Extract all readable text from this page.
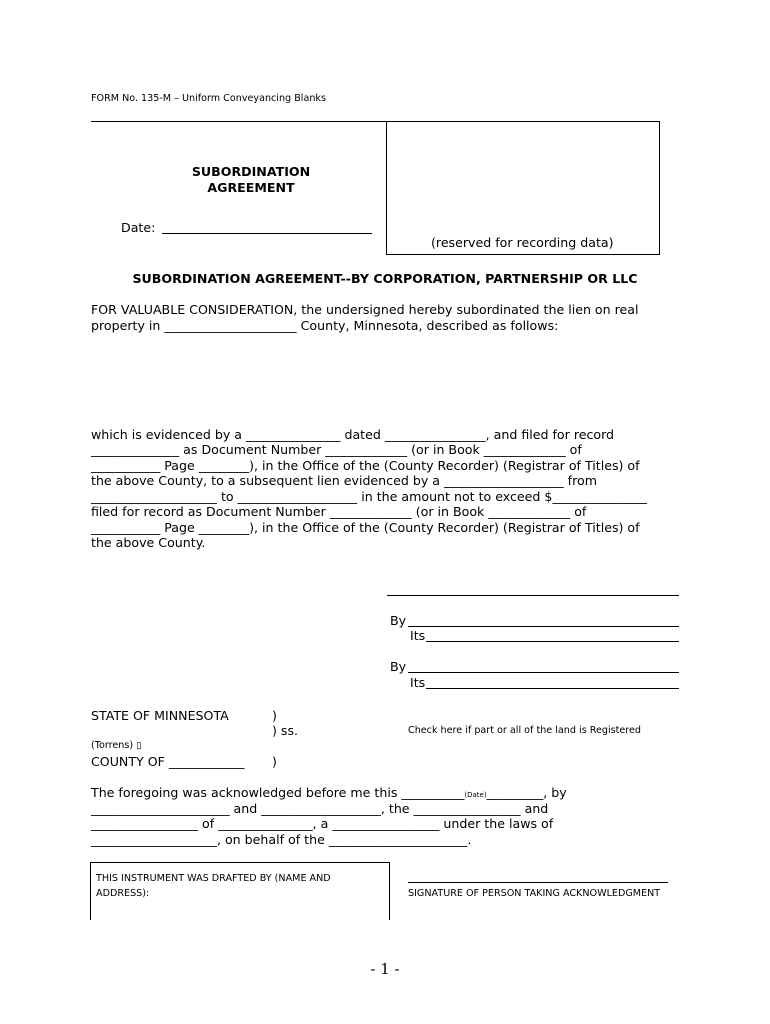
FORM No. 135-M – Uniform Conveyancing Blanks
(reserved for recording data)
SUBORDINATION
AGREEMENT
Date:
SUBORDINATION AGREEMENT--BY CORPORATION, PARTNERSHIP OR LLC
FOR VALUABLE CONSIDERATION, the undersigned hereby subordinated the lien on real
property in _____________________ County, Minnesota, described as follows:
which is evidenced by a _______________ dated ________________, and filed for record
______________ as Document Number _____________ (or in Book _____________ of
___________ Page ________), in the Office of the (County Recorder) (Registrar of Titles) of
the above County, to a subsequent lien evidenced by a ___________________ from
____________________ to ___________________ in the amount not to exceed $_______________
filed for record as Document Number _____________ (or in Book _____________ of
___________ Page ________), in the Office of the (County Recorder) (Registrar of Titles) of
the above County.
By
Its
By
Its
STATE OF MINNESOTA	)
) ss.	Check here if part or all of the land is Registered
(Torrens) ▯
COUNTY OF ____________ )
The foregoing was acknowledged before me this __________(Date)_________, by
______________________ and ___________________, the _________________ and
_________________ of _______________, a _________________ under the laws of
____________________, on behalf of the ______________________.
THIS INSTRUMENT WAS DRAFTED BY (NAME AND
ADDRESS):	SIGNATURE OF PERSON TAKING ACKNOWLEDGMENT
- 1 -
